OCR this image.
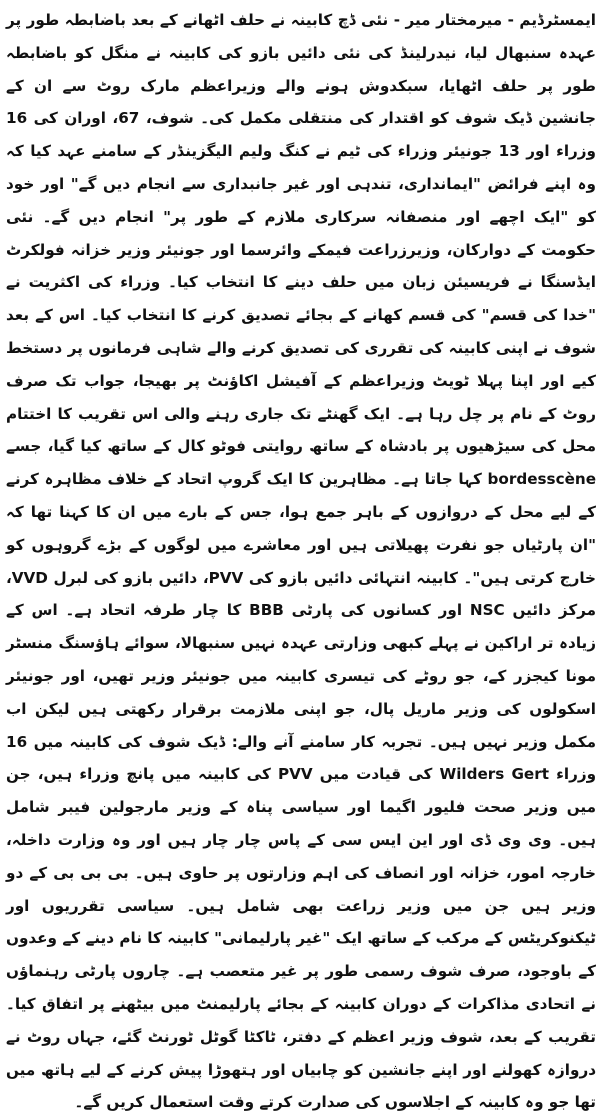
ایمسٹرڈیم - میرمختار میر - نئی ڈچ کابینہ نے حلف اٹھانے کے بعد باضابطہ طور پر عہدہ سنبھال لیا، نیدرلینڈ کی نئی دائیں بازو کی کابینہ نے منگل کو باضابطہ طور پر حلف اٹھایا، سبکدوش ہونے والے وزیراعظم مارک روٹ سے ان کے جانشین ڈیک شوف کو اقتدار کی منتقلی مکمل کی۔ شوف، 67، اوران کی 16 وزراء اور 13 جونیئر وزراء کی ٹیم نے کنگ ولیم الیگزینڈر کے سامنے عہد کیا کہ وہ اپنے فرائض "ایمانداری، تندہی اور غیر جانبداری سے انجام دیں گے" اور خود کو "ایک اچھے اور منصفانہ سرکاری ملازم کے طور پر" انجام دیں گے۔ نئی حکومت کے دوارکان، وزیرزراعت فیمکے وائرسما اور جونیئر وزیر خزانہ فولکرٹ ایڈسنگا نے فریسیئن زبان میں حلف دینے کا انتخاب کیا۔ وزراء کی اکثریت نے "خدا کی قسم" کی قسم کھانے کے بجائے تصدیق کرنے کا انتخاب کیا۔ اس کے بعد شوف نے اپنی کابینہ کی تقرری کی تصدیق کرنے والے شاہی فرمانوں پر دستخط کیے اور اپنا پہلا ٹویٹ وزیراعظم کے آفیشل اکاؤنٹ پر بھیجا، جواب تک صرف روٹ کے نام پر چل رہا ہے۔ ایک گھنٹے تک جاری رہنے والی اس تقریب کا اختتام محل کی سیڑھیوں پر بادشاہ کے ساتھ روایتی فوٹو کال کے ساتھ کیا گیا، جسے bordesscène کہا جاتا ہے۔ مظاہرین کا ایک گروپ اتحاد کے خلاف مظاہرہ کرنے کے لیے محل کے دروازوں کے باہر جمع ہوا، جس کے بارے میں ان کا کہنا تھا کہ "ان پارٹیاں جو نفرت پھیلاتی ہیں اور معاشرے میں لوگوں کے بڑے گروہوں کو خارج کرتی ہیں"۔ کابینہ انتہائی دائیں بازو کی PVV، دائیں بازو کی لبرل VVD، مرکز دائیں NSC اور کسانوں کی پارٹی BBB کا چار طرفہ اتحاد ہے۔ اس کے زیادہ تر اراکین نے پہلے کبھی وزارتی عہدہ نہیں سنبھالا، سوائے ہاؤسنگ منسٹر مونا کیجزر کے، جو روٹے کی تیسری کابینہ میں جونیئر وزیر تھیں، اور جونیئر اسکولوں کی وزیر ماریل پال، جو اپنی ملازمت برقرار رکھتی ہیں لیکن اب مکمل وزیر نہیں ہیں۔ تجربہ کار سامنے آنے والے: ڈیک شوف کی کابینہ میں 16 وزراء Wilders Gert کی قیادت میں PVV کی کابینہ میں پانچ وزراء ہیں، جن میں وزیر صحت فلیور اگیما اور سیاسی پناہ کے وزیر مارجولین فیبر شامل ہیں۔ وی وی ڈی اور این ایس سی کے پاس چار چار ہیں اور وہ وزارت داخلہ، خارجہ امور، خزانہ اور انصاف کی اہم وزارتوں پر حاوی ہیں۔ بی بی بی کے دو وزیر ہیں جن میں وزیر زراعت بھی شامل ہیں۔ سیاسی تقرریوں اور ٹیکنوکریٹس کے مرکب کے ساتھ ایک "غیر پارلیمانی" کابینہ کا نام دینے کے وعدوں کے باوجود، صرف شوف رسمی طور پر غیر متعصب ہے۔ چاروں پارٹی رہنماؤں نے اتحادی مذاکرات کے دوران کابینہ کے بجائے پارلیمنٹ میں بیٹھنے پر اتفاق کیا۔ تقریب کے بعد، شوف وزیر اعظم کے دفتر، ٹاکٹا گوٹل ٹورنٹ گئے، جہاں روٹ نے دروازہ کھولنے اور اپنے جانشین کو چابیاں اور ہتھوڑا پیش کرنے کے لیے ہاتھ میں تھا جو وہ کابینہ کے اجلاسوں کی صدارت کرتے وقت استعمال کریں گے۔
